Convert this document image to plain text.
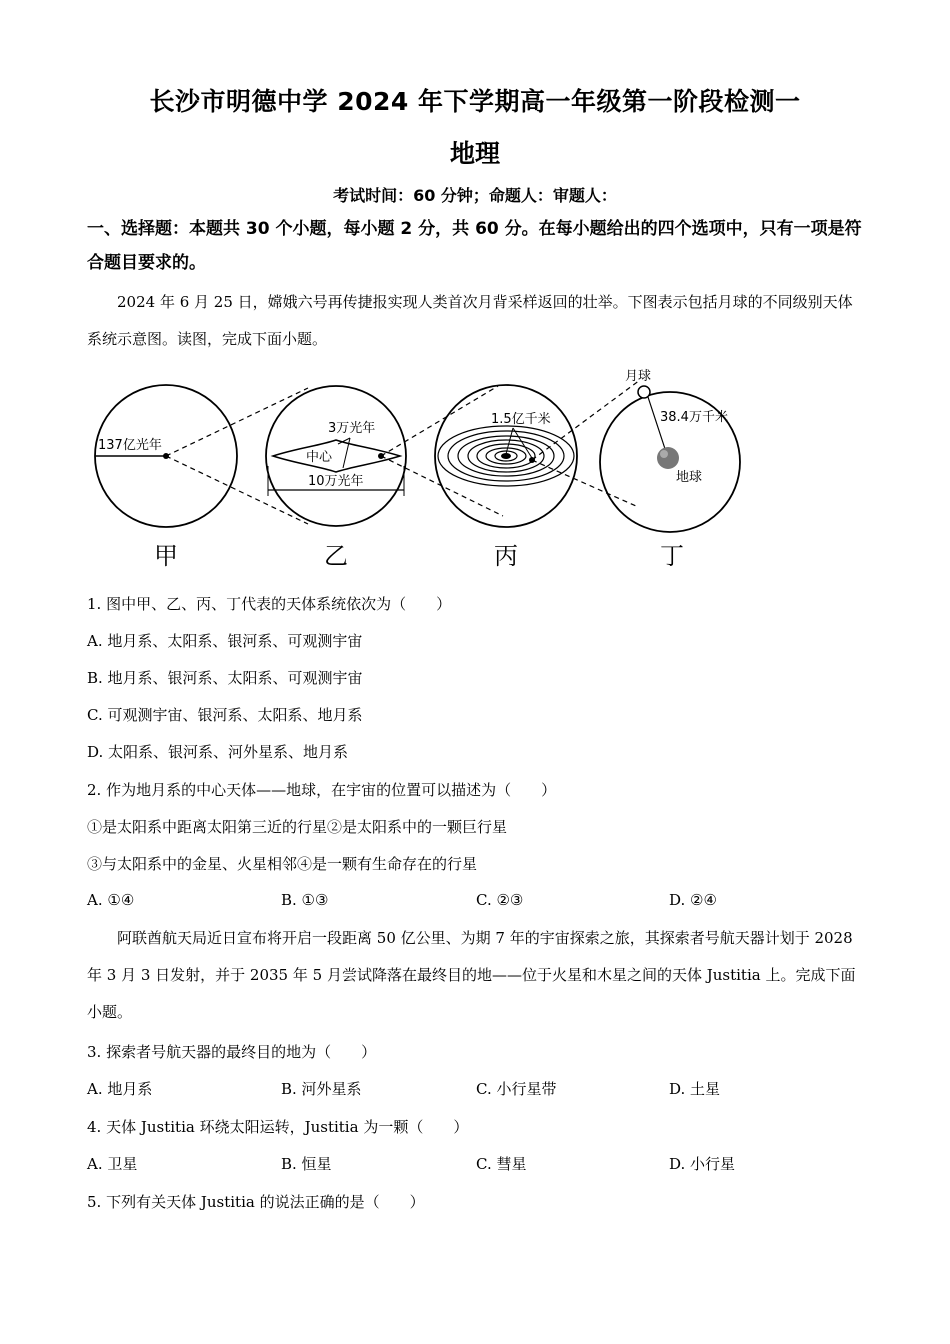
长沙市明德中学 2024 年下学期高一年级第一阶段检测一
地理
考试时间：60 分钟；命题人：审题人：
一、选择题：本题共 30 个小题，每小题 2 分，共 60 分。在每小题给出的四个选项中，只有一项是符合题目要求的。
2024 年 6 月 25 日，嫦娥六号再传捷报实现人类首次月背采样返回的壮举。下图表示包括月球的不同级别天体系统示意图。读图，完成下面小题。
137亿光年
3万光年
中心
10万光年
1.5亿千米
月球
38.4万千米
地球
甲	乙	丙	丁
1. 图中甲、乙、丙、丁代表的天体系统依次为（　　）
A. 地月系、太阳系、银河系、可观测宇宙
B. 地月系、银河系、太阳系、可观测宇宙
C. 可观测宇宙、银河系、太阳系、地月系
D. 太阳系、银河系、河外星系、地月系
2. 作为地月系的中心天体——地球，在宇宙的位置可以描述为（　　）
①是太阳系中距离太阳第三近的行星②是太阳系中的一颗巨行星
③与太阳系中的金星、火星相邻④是一颗有生命存在的行星
A. ①④	B. ①③	C. ②③	D. ②④
阿联酋航天局近日宣布将开启一段距离 50 亿公里、为期 7 年的宇宙探索之旅，其探索者号航天器计划于 2028 年 3 月 3 日发射，并于 2035 年 5 月尝试降落在最终目的地——位于火星和木星之间的天体 Justitia 上。完成下面小题。
3. 探索者号航天器的最终目的地为（　　）
A. 地月系	B. 河外星系	C. 小行星带	D. 土星
4. 天体 Justitia 环绕太阳运转，Justitia 为一颗（　　）
A. 卫星	B. 恒星	C. 彗星	D. 小行星
5. 下列有关天体 Justitia 的说法正确的是（　　）
